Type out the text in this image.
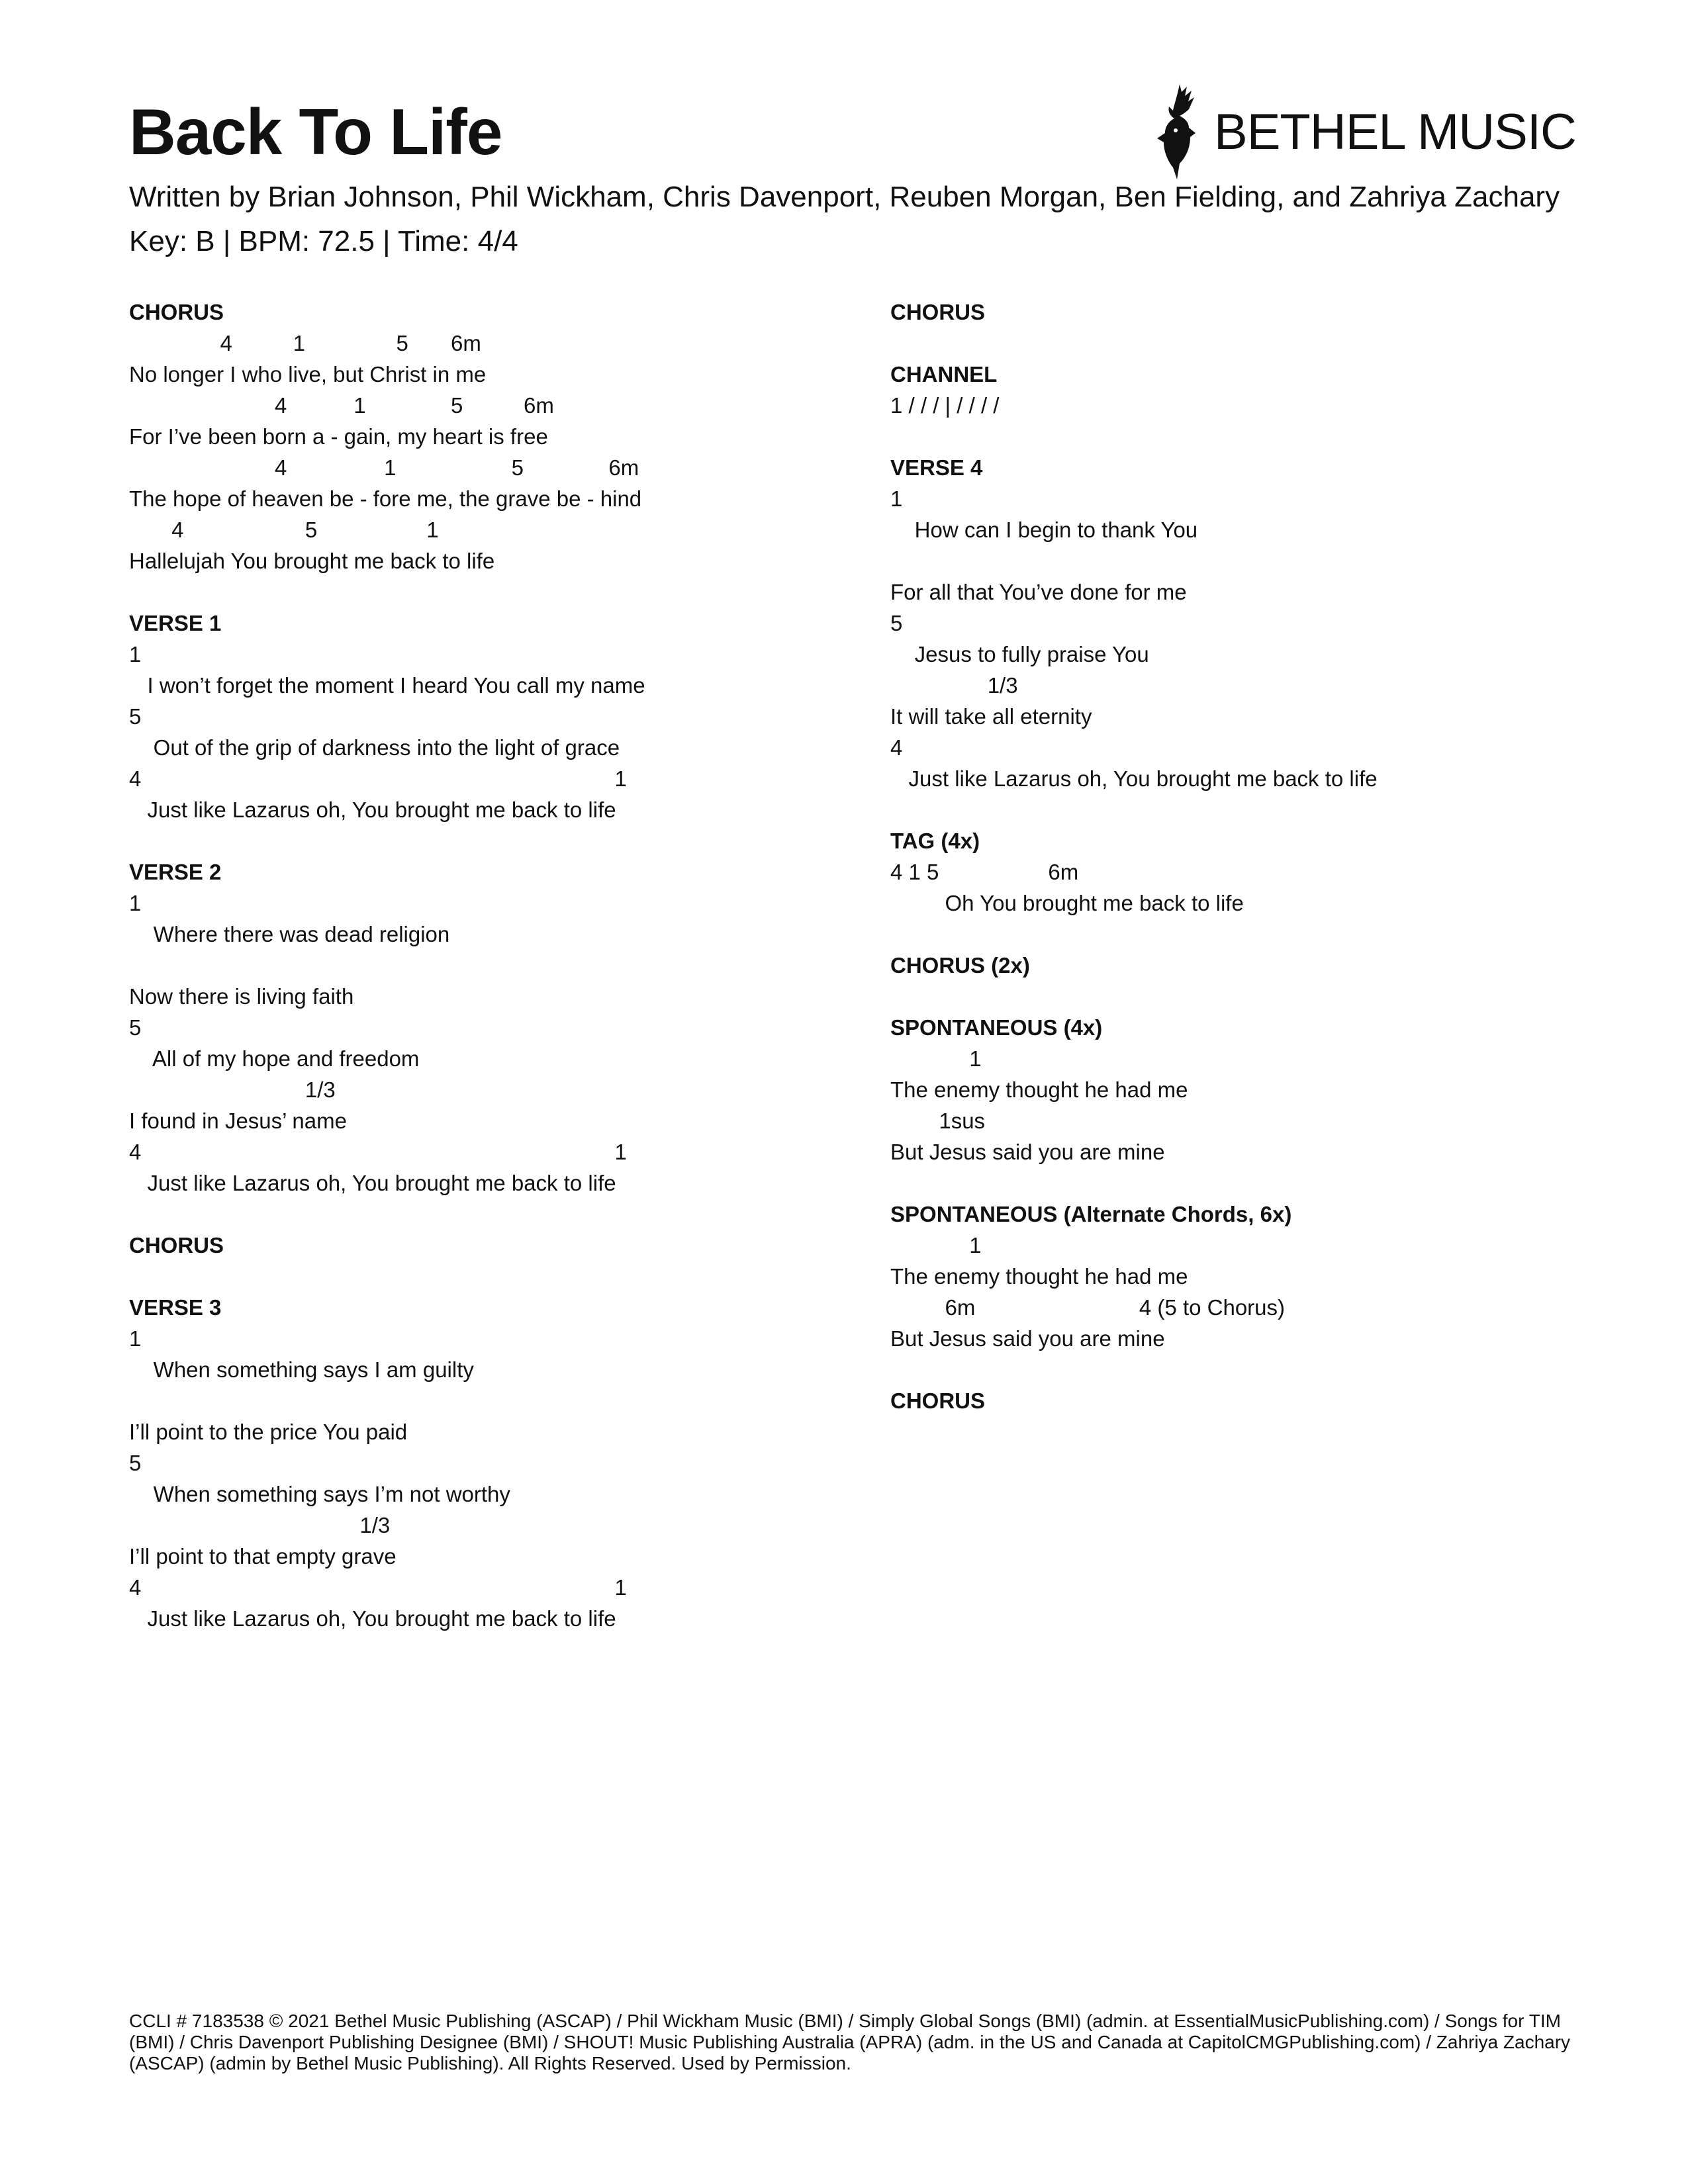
Back To Life	BETHEL MUSIC
Written by Brian Johnson, Phil Wickham, Chris Davenport, Reuben Morgan, Ben Fielding, and Zahriya Zachary
Key: B | BPM: 72.5 | Time: 4/4
CHORUS
4          1               5       6m
No longer I who live, but Christ in me
4           1              5          6m
For I’ve been born a - gain, my heart is free
4                1                   5              6m
The hope of heaven be - fore me, the grave be - hind
4                    5                  1
Hallelujah You brought me back to life
VERSE 1
1
I won’t forget the moment I heard You call my name
5
Out of the grip of darkness into the light of grace
4                                                                              1
Just like Lazarus oh, You brought me back to life
VERSE 2
1
Where there was dead religion
Now there is living faith
5
All of my hope and freedom
1/3
I found in Jesus’ name
4                                                                              1
Just like Lazarus oh, You brought me back to life
CHORUS
VERSE 3
1
When something says I am guilty
I’ll point to the price You paid
5
When something says I’m not worthy
1/3
I’ll point to that empty grave
4                                                                              1
Just like Lazarus oh, You brought me back to life
CHORUS
CHANNEL
1 / / / | / / / /
VERSE 4
1
How can I begin to thank You
For all that You’ve done for me
5
Jesus to fully praise You
1/3
It will take all eternity
4
Just like Lazarus oh, You brought me back to life
TAG (4x)
4 1 5                  6m
Oh You brought me back to life
CHORUS (2x)
SPONTANEOUS (4x)
1
The enemy thought he had me
1sus
But Jesus said you are mine
SPONTANEOUS (Alternate Chords, 6x)
1
The enemy thought he had me
6m                           4 (5 to Chorus)
But Jesus said you are mine
CHORUS
CCLI # 7183538 © 2021 Bethel Music Publishing (ASCAP) / Phil Wickham Music (BMI) / Simply Global Songs (BMI) (admin. at EssentialMusicPublishing.com) / Songs for TIM (BMI) / Chris Davenport Publishing Designee (BMI) / SHOUT! Music Publishing Australia (APRA) (adm. in the US and Canada at CapitolCMGPublishing.com) / Zahriya Zachary (ASCAP) (admin by Bethel Music Publishing). All Rights Reserved. Used by Permission.
